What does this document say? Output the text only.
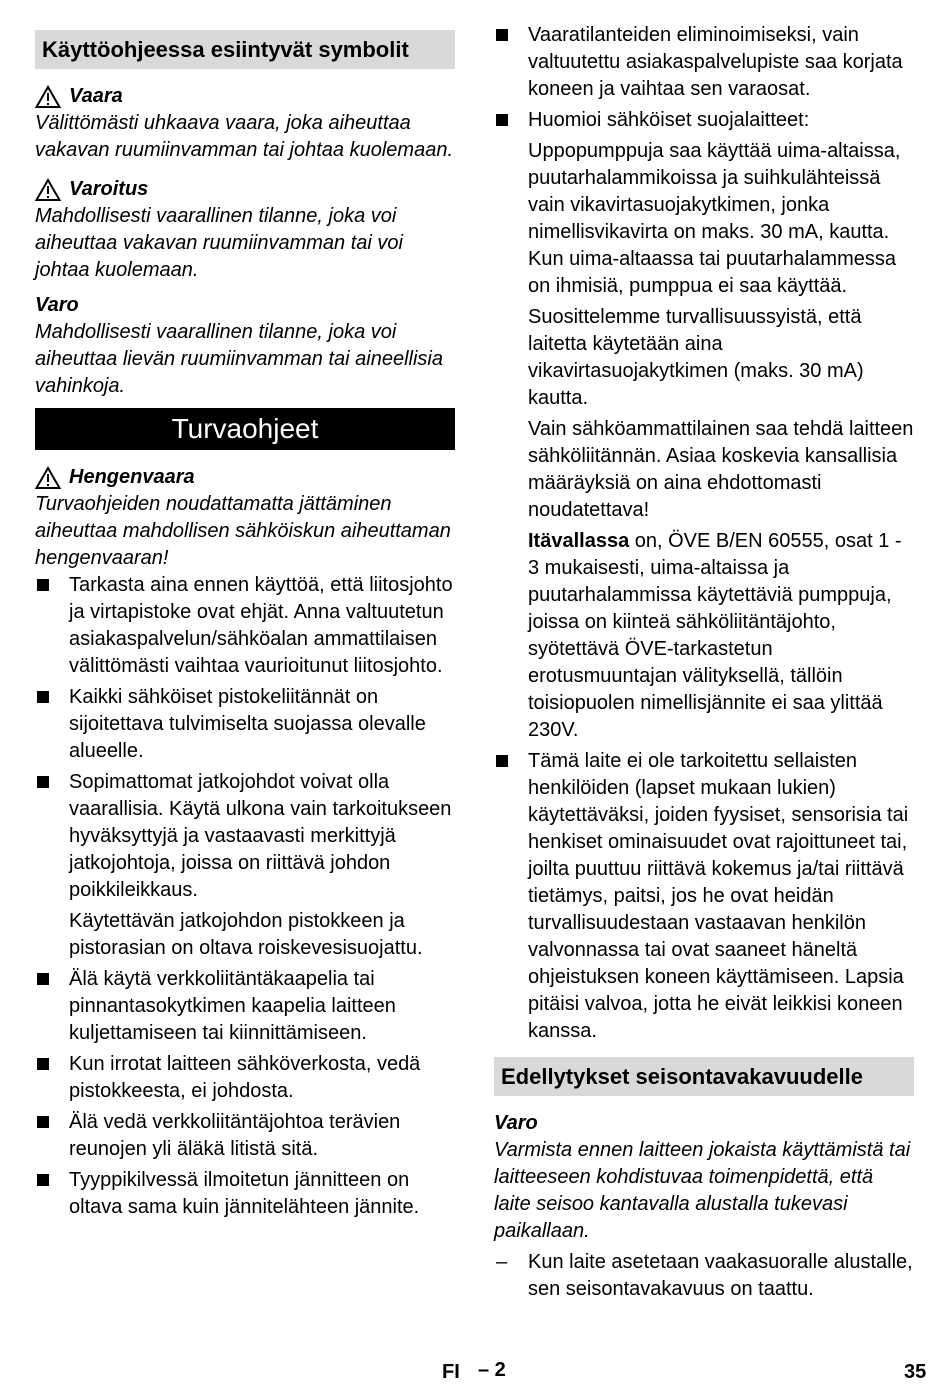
Käyttöohjeessa esiintyvät symbolit
Vaara
Välittömästi uhkaava vaara, joka aiheuttaa vakavan ruumiinvamman tai johtaa kuolemaan.
Varoitus
Mahdollisesti vaarallinen tilanne, joka voi aiheuttaa vakavan ruumiinvamman tai voi johtaa kuolemaan.
Varo
Mahdollisesti vaarallinen tilanne, joka voi aiheuttaa lievän ruumiinvamman tai aineellisia vahinkoja.
Turvaohjeet
Hengenvaara
Turvaohjeiden noudattamatta jättäminen aiheuttaa mahdollisen sähköiskun aiheuttaman hengenvaaran!
Tarkasta aina ennen käyttöä, että liitosjohto ja virtapistoke ovat ehjät. Anna valtuutetun asiakaspalvelun/sähköalan ammattilaisen välittömästi vaihtaa vaurioitunut liitosjohto.
Kaikki sähköiset pistokeliitännät on sijoitettava tulvimiselta suojassa olevalle alueelle.
Sopimattomat jatkojohdot voivat olla vaarallisia. Käytä ulkona vain tarkoitukseen hyväksyttyjä ja vastaavasti merkittyjä jatkojohtoja, joissa on riittävä johdon poikkileikkaus.
Käytettävän jatkojohdon pistokkeen ja pistorasian on oltava roiskevesisuojattu.
Älä käytä verkkoliitäntäkaapelia tai pinnantasokytkimen kaapelia laitteen kuljettamiseen tai kiinnittämiseen.
Kun irrotat laitteen sähköverkosta, vedä pistokkeesta, ei johdosta.
Älä vedä verkkoliitäntäjohtoa terävien reunojen yli äläkä litistä sitä.
Tyyppikilvessä ilmoitetun jännitteen on oltava sama kuin jännitelähteen jännite.
Vaaratilanteiden eliminoimiseksi, vain valtuutettu asiakaspalvelupiste saa korjata koneen ja vaihtaa sen varaosat.
Huomioi sähköiset suojalaitteet:
Uppopumppuja saa käyttää uima-altaissa, puutarhalammikoissa ja suihkulähteissä vain vikavirtasuojakytkimen, jonka nimellisvikavirta on maks. 30 mA, kautta. Kun uima-altaassa tai puutarhalammessa on ihmisiä, pumppua ei saa käyttää.
Suosittelemme turvallisuussyistä, että laitetta käytetään aina vikavirtasuojakytkimen (maks. 30 mA) kautta.
Vain sähköammattilainen saa tehdä laitteen sähköliitännän. Asiaa koskevia kansallisia määräyksiä on aina ehdottomasti noudatettava!
Itävallassa on, ÖVE B/EN 60555, osat 1 - 3 mukaisesti, uima-altaissa ja puutarhalammissa käytettäviä pumppuja, joissa on kiinteä sähköliitäntäjohto, syötettävä ÖVE-tarkastetun erotusmuuntajan välityksellä, tällöin toisiopuolen nimellisjännite ei saa ylittää 230V.
Tämä laite ei ole tarkoitettu sellaisten henkilöiden (lapset mukaan lukien) käytettäväksi, joiden fyysiset, sensorisia tai henkiset ominaisuudet ovat rajoittuneet tai, joilta puuttuu riittävä kokemus ja/tai riittävä tietämys, paitsi, jos he ovat heidän turvallisuudestaan vastaavan henkilön valvonnassa tai ovat saaneet häneltä ohjeistuksen koneen käyttämiseen. Lapsia pitäisi valvoa, jotta he eivät leikkisi koneen kanssa.
Edellytykset seisontavakavuudelle
Varo
Varmista ennen laitteen jokaista käyttämistä tai laitteeseen kohdistuvaa toimenpidettä, että laite seisoo kantavalla alustalla tukevasi paikallaan.
– Kun laite asetetaan vaakasuoralle alustalle, sen seisontavakavuus on taattu.
FI – 2	35
